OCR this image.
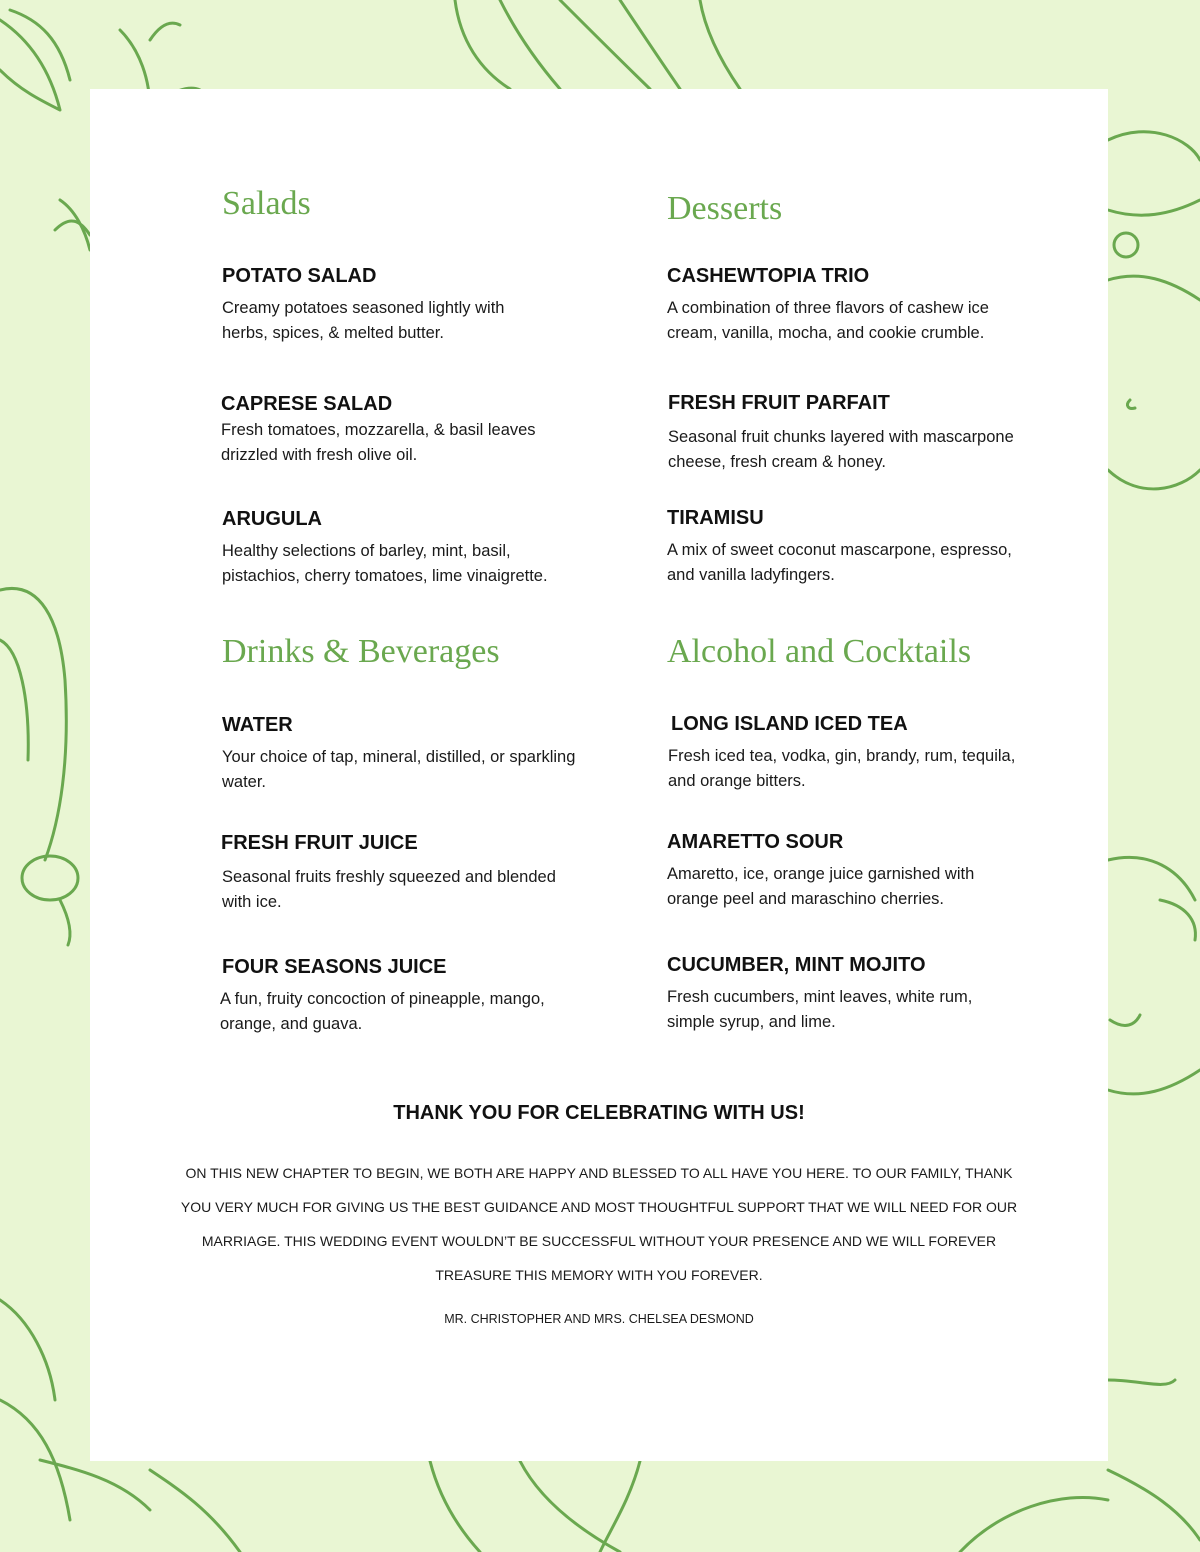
Salads
POTATO SALAD
Creamy potatoes seasoned lightly with herbs, spices, & melted butter.
CAPRESE SALAD
Fresh tomatoes, mozzarella, & basil leaves drizzled with fresh olive oil.
ARUGULA
Healthy selections of barley, mint, basil, pistachios, cherry tomatoes, lime vinaigrette.
Desserts
CASHEWTOPIA TRIO
A combination of three flavors of cashew ice cream, vanilla, mocha, and cookie crumble.
FRESH FRUIT PARFAIT
Seasonal fruit chunks layered with mascarpone cheese, fresh cream & honey.
TIRAMISU
A mix of sweet coconut mascarpone, espresso, and vanilla ladyfingers.
Drinks & Beverages
WATER
Your choice of tap, mineral, distilled, or sparkling water.
FRESH FRUIT JUICE
Seasonal fruits freshly squeezed and blended with ice.
FOUR SEASONS JUICE
A fun, fruity concoction of pineapple, mango, orange, and guava.
Alcohol and Cocktails
LONG ISLAND ICED TEA
Fresh iced tea, vodka, gin, brandy, rum, tequila, and orange bitters.
AMARETTO SOUR
Amaretto, ice, orange juice garnished with orange peel and maraschino cherries.
CUCUMBER, MINT MOJITO
Fresh cucumbers, mint leaves, white rum, simple syrup, and lime.
THANK YOU FOR CELEBRATING WITH US!
ON THIS NEW CHAPTER TO BEGIN, WE BOTH ARE HAPPY AND BLESSED TO ALL HAVE YOU HERE. TO OUR FAMILY, THANK YOU VERY MUCH FOR GIVING US THE BEST GUIDANCE AND MOST THOUGHTFUL SUPPORT THAT WE WILL NEED FOR OUR MARRIAGE. THIS WEDDING EVENT WOULDN’T BE SUCCESSFUL WITHOUT YOUR PRESENCE AND WE WILL FOREVER TREASURE THIS MEMORY WITH YOU FOREVER.
MR. CHRISTOPHER AND MRS. CHELSEA DESMOND
